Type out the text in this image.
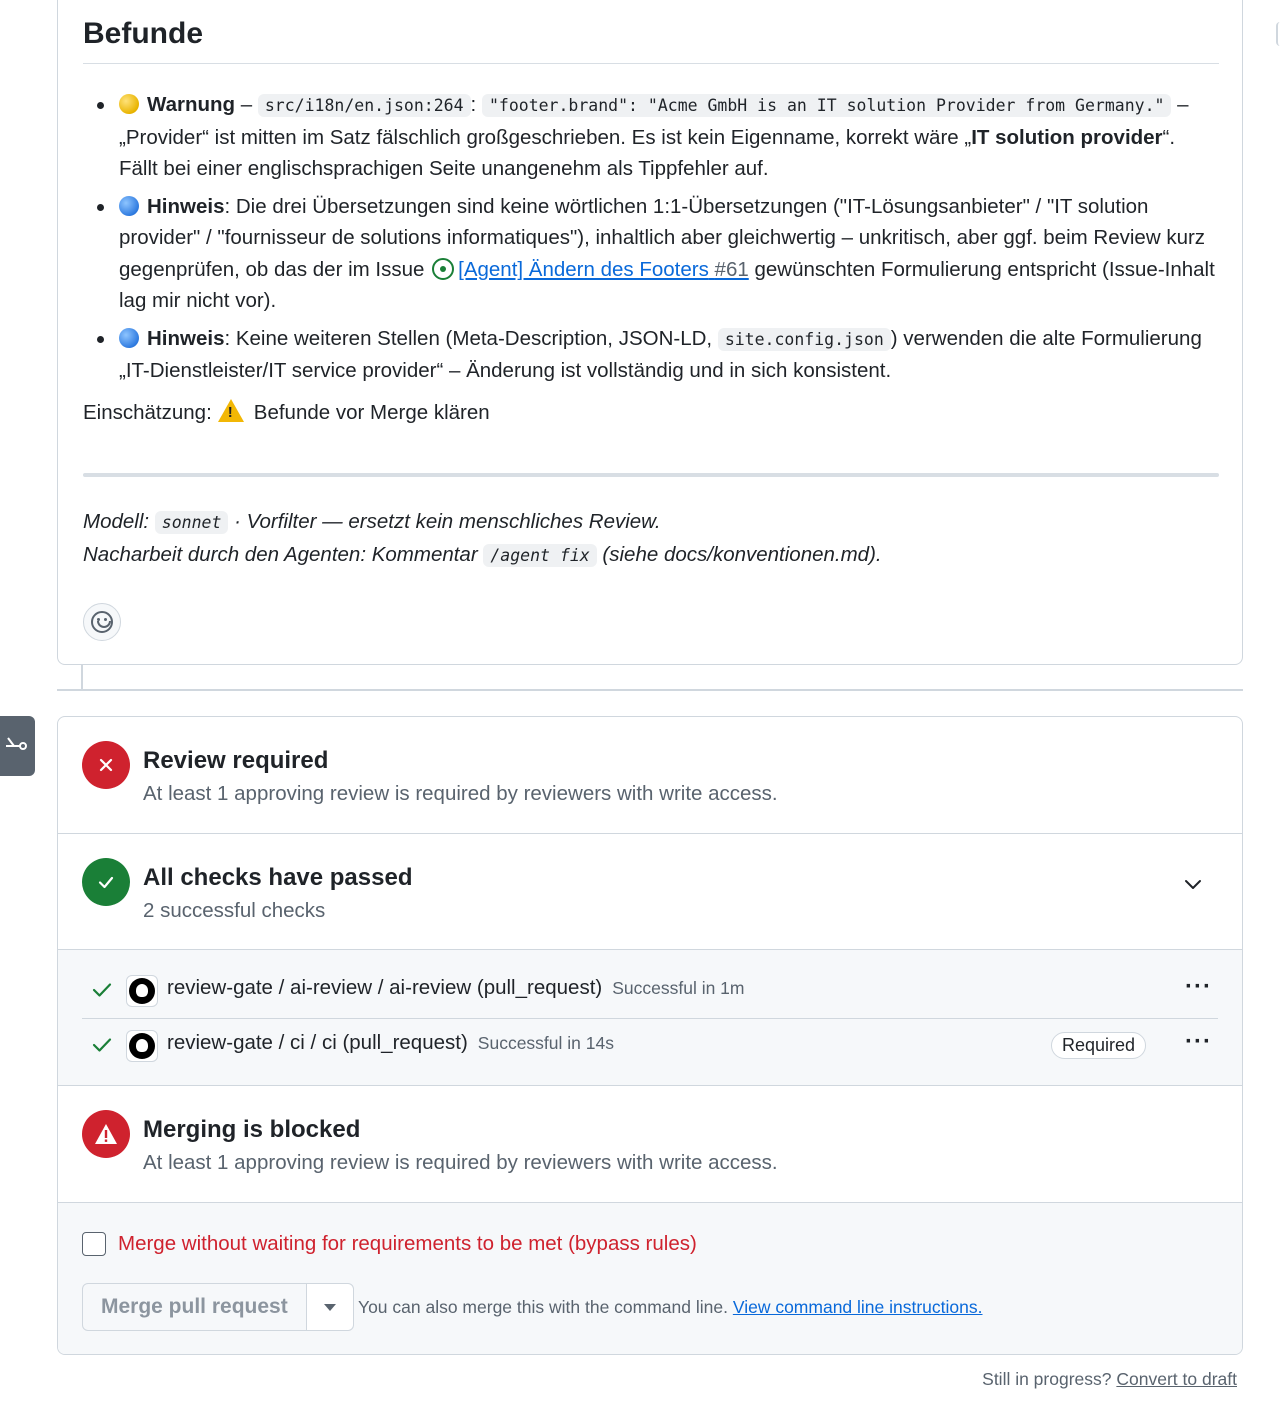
Befunde
Warnung – src/i18n/en.json:264 : "footer.brand": "Acme GmbH is an IT solution Provider from Germany." – „Provider“ ist mitten im Satz fälschlich großgeschrieben. Es ist kein Eigenname, korrekt wäre „IT solution provider“. Fällt bei einer englischsprachigen Seite unangenehm als Tippfehler auf.
Hinweis: Die drei Übersetzungen sind keine wörtlichen 1:1-Übersetzungen ("IT-Lösungsanbieter" / "IT solution provider" / "fournisseur de solutions informatiques"), inhaltlich aber gleichwertig – unkritisch, aber ggf. beim Review kurz gegenprüfen, ob das der im Issue [Agent] Ändern des Footers #61 gewünschten Formulierung entspricht (Issue-Inhalt lag mir nicht vor).
Hinweis: Keine weiteren Stellen (Meta-Description, JSON-LD, site.config.json ) verwenden die alte Formulierung „IT-Dienstleister/IT service provider“ – Änderung ist vollständig und in sich konsistent.
Einschätzung:! Befunde vor Merge klären
Modell: sonnet · Vorfilter — ersetzt kein menschliches Review.
Nacharbeit durch den Agenten: Kommentar /agent fix (siehe docs/konventionen.md).
Review required
At least 1 approving review is required by reviewers with write access.
All checks have passed
2 successful checks
review-gate / ai-review / ai-review (pull_request) Successful in 1m	···
review-gate / ci / ci (pull_request) Successful in 14s	Required	···
Merging is blocked
At least 1 approving review is required by reviewers with write access.
Merge without waiting for requirements to be met (bypass rules)
Merge pull request	You can also merge this with the command line. View command line instructions.
Still in progress? Convert to draft
